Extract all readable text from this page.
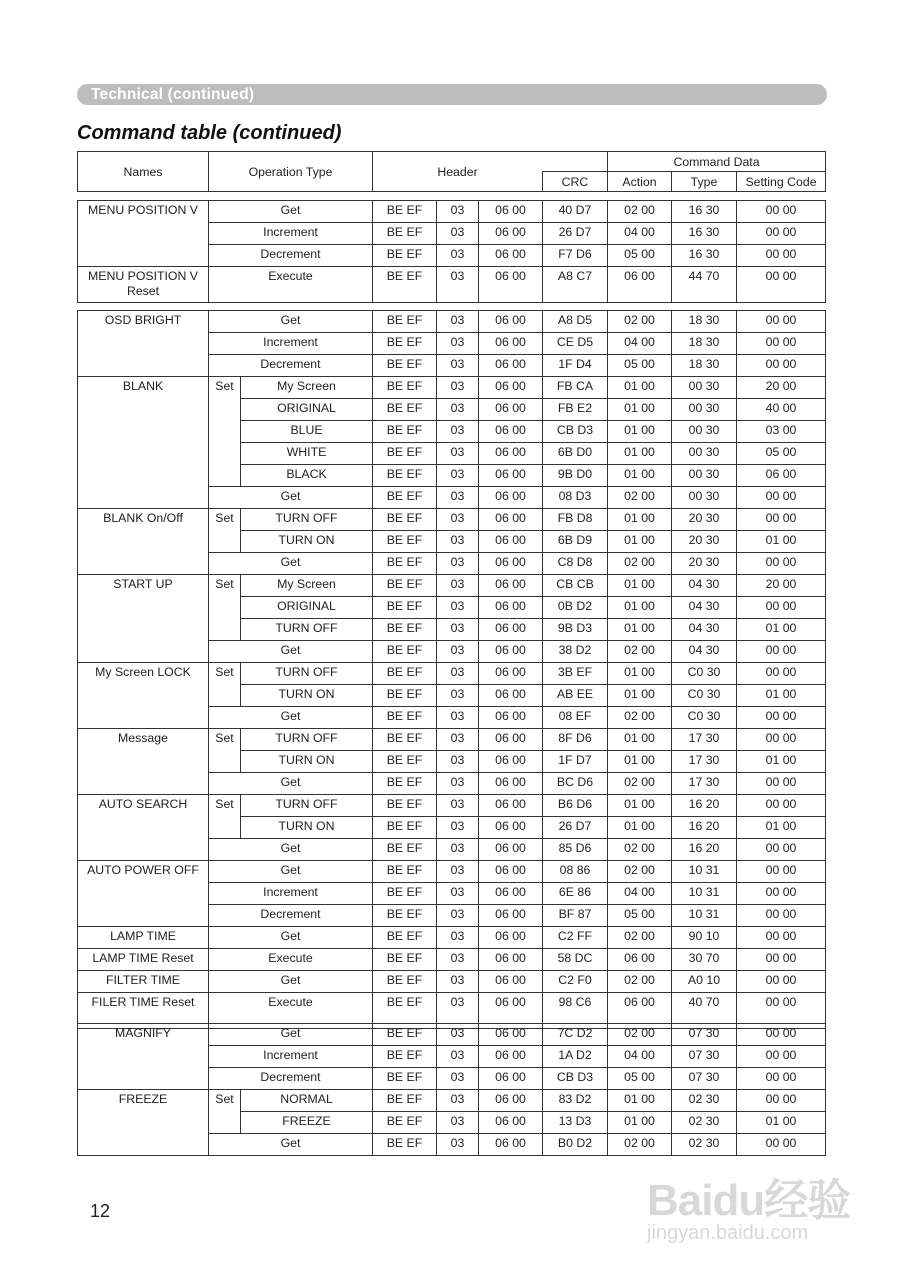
Technical (continued)
Command table (continued)
Names	Operation Type	Header		Command Data		
			CRC	Action	Type	Setting Code
MENU POSITION V	Get	BE EF	03	06 00	40 D7	02 00	16 30	00 00
	Increment	BE EF	03	06 00	26 D7	04 00	16 30	00 00
	Decrement	BE EF	03	06 00	F7 D6	05 00	16 30	00 00
MENU POSITION V Reset	Execute	BE EF	03	06 00	A8 C7	06 00	44 70	00 00
OSD BRIGHT	Get		BE EF	03	06 00	A8 D5	02 00	18 30	00 00
	Increment		BE EF	03	06 00	CE D5	04 00	18 30	00 00
	Decrement		BE EF	03	06 00	1F D4	05 00	18 30	00 00
BLANK	Set	My Screen	BE EF	03	06 00	FB CA	01 00	00 30	20 00
		ORIGINAL	BE EF	03	06 00	FB E2	01 00	00 30	40 00
		BLUE	BE EF	03	06 00	CB D3	01 00	00 30	03 00
		WHITE	BE EF	03	06 00	6B D0	01 00	00 30	05 00
		BLACK	BE EF	03	06 00	9B D0	01 00	00 30	06 00
	Get		BE EF	03	06 00	08 D3	02 00	00 30	00 00
BLANK On/Off	Set	TURN OFF	BE EF	03	06 00	FB D8	01 00	20 30	00 00
		TURN ON	BE EF	03	06 00	6B D9	01 00	20 30	01 00
	Get		BE EF	03	06 00	C8 D8	02 00	20 30	00 00
START UP	Set	My Screen	BE EF	03	06 00	CB CB	01 00	04 30	20 00
		ORIGINAL	BE EF	03	06 00	0B D2	01 00	04 30	00 00
		TURN OFF	BE EF	03	06 00	9B D3	01 00	04 30	01 00
	Get		BE EF	03	06 00	38 D2	02 00	04 30	00 00
My Screen LOCK	Set	TURN OFF	BE EF	03	06 00	3B EF	01 00	C0 30	00 00
		TURN ON	BE EF	03	06 00	AB EE	01 00	C0 30	01 00
	Get		BE EF	03	06 00	08 EF	02 00	C0 30	00 00
Message	Set	TURN OFF	BE EF	03	06 00	8F D6	01 00	17 30	00 00
		TURN ON	BE EF	03	06 00	1F D7	01 00	17 30	01 00
	Get		BE EF	03	06 00	BC D6	02 00	17 30	00 00
AUTO SEARCH	Set	TURN OFF	BE EF	03	06 00	B6 D6	01 00	16 20	00 00
		TURN ON	BE EF	03	06 00	26 D7	01 00	16 20	01 00
	Get		BE EF	03	06 00	85 D6	02 00	16 20	00 00
AUTO POWER OFF	Get		BE EF	03	06 00	08 86	02 00	10 31	00 00
	Increment		BE EF	03	06 00	6E 86	04 00	10 31	00 00
	Decrement		BE EF	03	06 00	BF 87	05 00	10 31	00 00
LAMP TIME	Get		BE EF	03	06 00	C2 FF	02 00	90 10	00 00
LAMP TIME Reset	Execute		BE EF	03	06 00	58 DC	06 00	30 70	00 00
FILTER TIME	Get		BE EF	03	06 00	C2 F0	02 00	A0 10	00 00
FILER TIME Reset	Execute		BE EF	03	06 00	98 C6	06 00	40 70	00 00
MAGNIFY	Get		BE EF	03	06 00	7C D2	02 00	07 30	00 00
	Increment		BE EF	03	06 00	1A D2	04 00	07 30	00 00
	Decrement		BE EF	03	06 00	CB D3	05 00	07 30	00 00
FREEZE	Set	NORMAL	BE EF	03	06 00	83 D2	01 00	02 30	00 00
		FREEZE	BE EF	03	06 00	13 D3	01 00	02 30	01 00
	Get		BE EF	03	06 00	B0 D2	02 00	02 30	00 00
12	Baidu经验
jingyan.baidu.com
